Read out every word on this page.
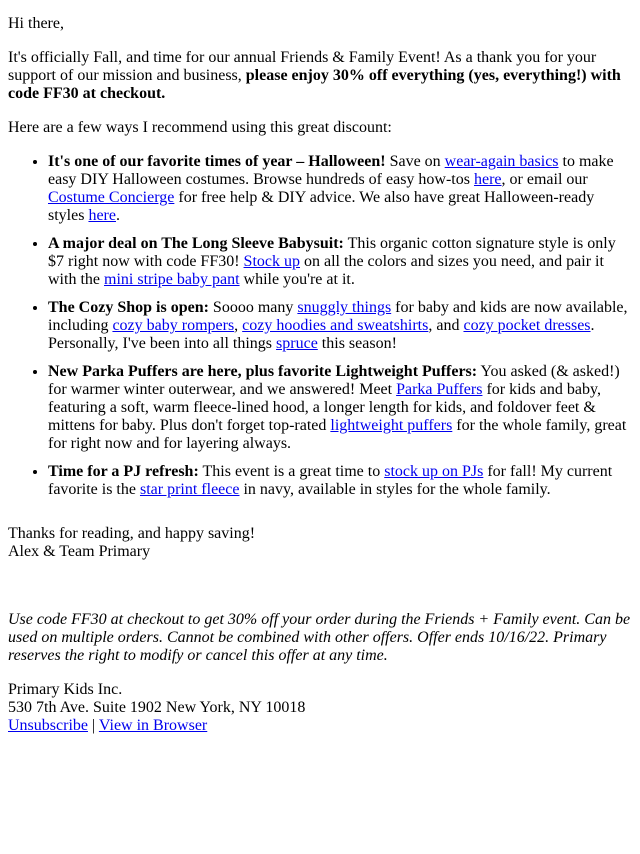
Hi there,

It's officially Fall, and time for our annual Friends & Family Event! As a thank you for your support of our mission and business, please enjoy 30% off everything (yes, everything!) with code FF30 at checkout.

Here are a few ways I recommend using this great discount:

• It's one of our favorite times of year – Halloween! Save on wear-again basics to make easy DIY Halloween costumes. Browse hundreds of easy how-tos here, or email our Costume Concierge for free help & DIY advice. We also have great Halloween-ready styles here.
• A major deal on The Long Sleeve Babysuit: This organic cotton signature style is only $7 right now with code FF30! Stock up on all the colors and sizes you need, and pair it with the mini stripe baby pant while you're at it.
• The Cozy Shop is open: Soooo many snuggly things for baby and kids are now available, including cozy baby rompers, cozy hoodies and sweatshirts, and cozy pocket dresses. Personally, I've been into all things spruce this season!
• New Parka Puffers are here, plus favorite Lightweight Puffers: You asked (& asked!) for warmer winter outerwear, and we answered! Meet Parka Puffers for kids and baby, featuring a soft, warm fleece-lined hood, a longer length for kids, and foldover feet & mittens for baby. Plus don't forget top-rated lightweight puffers for the whole family, great for right now and for layering always.
• Time for a PJ refresh: This event is a great time to stock up on PJs for fall! My current favorite is the star print fleece in navy, available in styles for the whole family.

Thanks for reading, and happy saving!
Alex & Team Primary

Use code FF30 at checkout to get 30% off your order during the Friends + Family event. Can be used on multiple orders. Cannot be combined with other offers. Offer ends 10/16/22. Primary reserves the right to modify or cancel this offer at any time.

Primary Kids Inc.
530 7th Ave. Suite 1902 New York, NY 10018
Unsubscribe | View in Browser
